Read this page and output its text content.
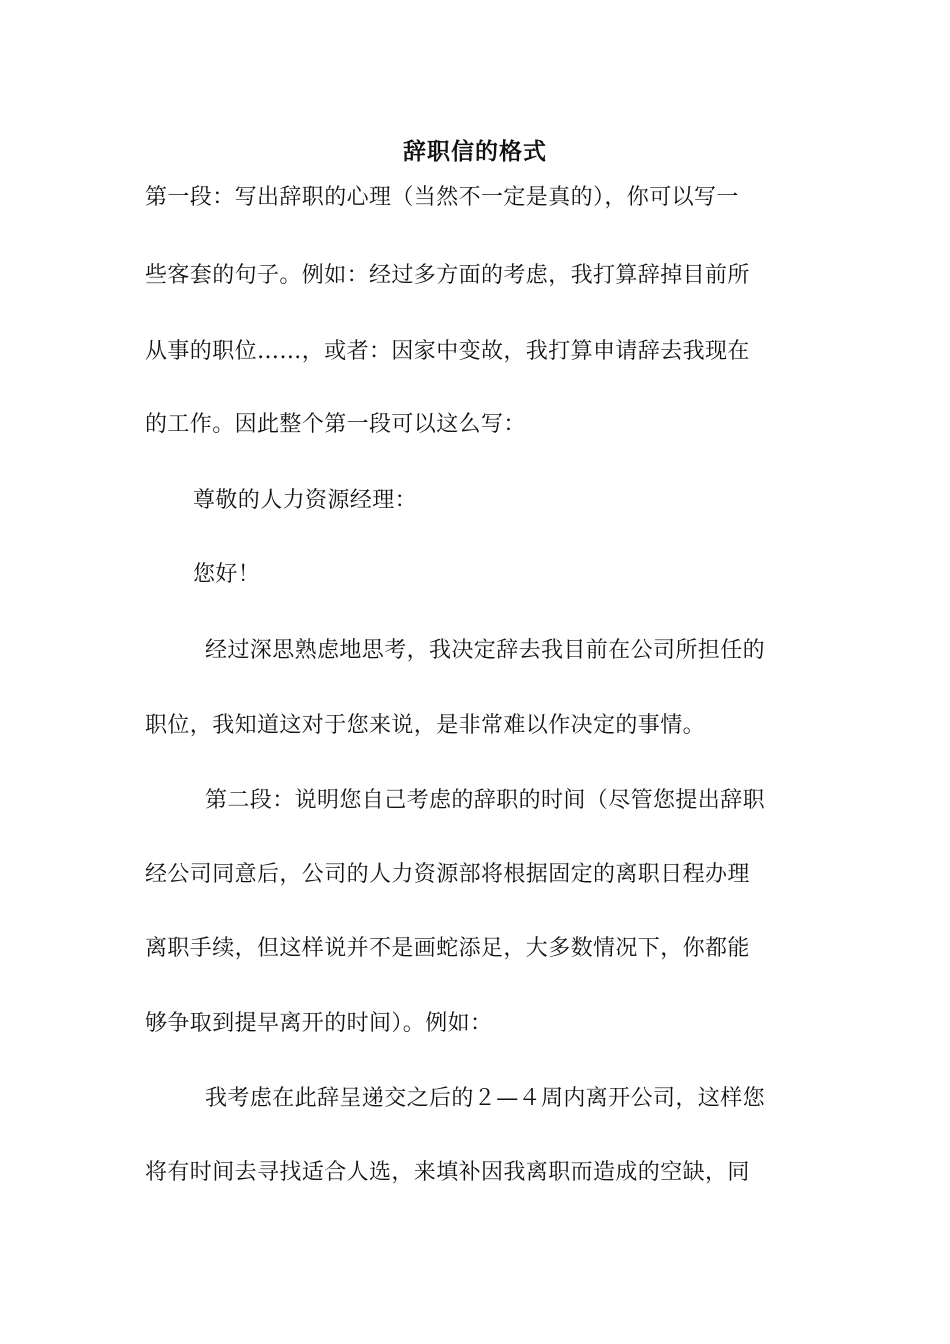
辞职信的格式
第一段：写出辞职的心理（当然不一定是真的），你可以写一
些客套的句子。例如：经过多方面的考虑，我打算辞掉目前所
从事的职位……，或者：因家中变故，我打算申请辞去我现在
的工作。因此整个第一段可以这么写：
尊敬的人力资源经理：
您好！
经过深思熟虑地思考，我决定辞去我目前在公司所担任的
职位，我知道这对于您来说，是非常难以作决定的事情。
第二段：说明您自己考虑的辞职的时间（尽管您提出辞职
经公司同意后，公司的人力资源部将根据固定的离职日程办理
离职手续，但这样说并不是画蛇添足，大多数情况下，你都能
够争取到提早离开的时间）。例如：
我考虑在此辞呈递交之后的２—４周内离开公司，这样您
将有时间去寻找适合人选，来填补因我离职而造成的空缺，同
